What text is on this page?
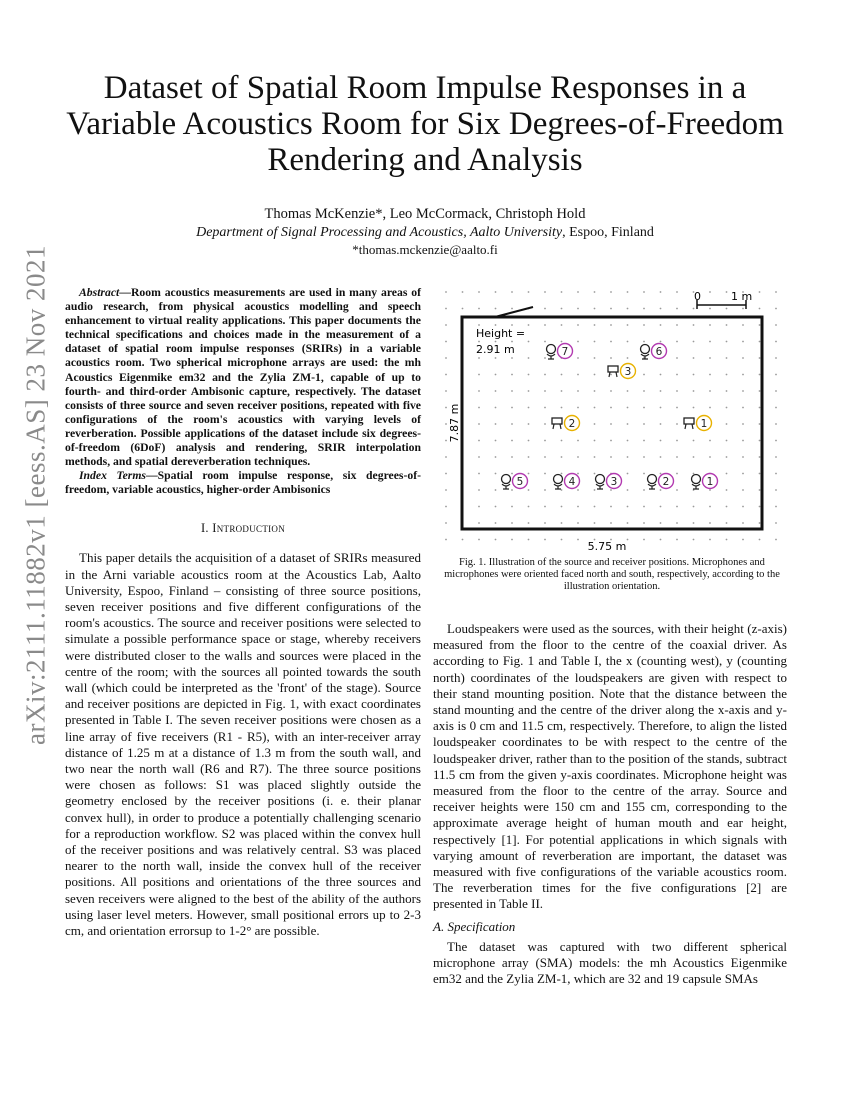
arXiv:2111.11882v1 [eess.AS] 23 Nov 2021
Dataset of Spatial Room Impulse Responses in a Variable Acoustics Room for Six Degrees-of-Freedom Rendering and Analysis
Thomas McKenzie*, Leo McCormack, Christoph Hold
Department of Signal Processing and Acoustics, Aalto University, Espoo, Finland
*thomas.mckenzie@aalto.fi

Abstract—Room acoustics measurements are used in many areas of audio research, from physical acoustics modelling and speech enhancement to virtual reality applications. This paper documents the technical specifications and choices made in the measurement of a dataset of spatial room impulse responses (SRIRs) in a variable acoustics room. Two spherical microphone arrays are used: the mh Acoustics Eigenmike em32 and the Zylia ZM-1, capable of up to fourth- and third-order Ambisonic capture, respectively. The dataset consists of three source and seven receiver positions, repeated with five configurations of the room's acoustics with varying levels of reverberation. Possible applications of the dataset include six degrees-of-freedom (6DoF) analysis and rendering, SRIR interpolation methods, and spatial dereverberation techniques.

Index Terms—Spatial room impulse response, six degrees-of-freedom, variable acoustics, higher-order Ambisonics

I. Introduction

This paper details the acquisition of a dataset of SRIRs measured in the Arni variable acoustics room at the Acoustics Lab, Aalto University, Espoo, Finland – consisting of three source positions, seven receiver positions and five different configurations of the room's acoustics. The source and receiver positions were selected to simulate a possible performance space or stage, whereby receivers were distributed closer to the walls and sources were placed in the centre of the room; with the sources all pointed towards the south wall (which could be interpreted as the 'front' of the stage). Source and receiver positions are depicted in Fig. 1, with exact coordinates presented in Table I. The seven receiver positions were chosen as a line array of five receivers (R1 - R5), with an inter-receiver array distance of 1.25 m at a distance of 1.3 m from the south wall, and two near the north wall (R6 and R7). The three source positions were chosen as follows: S1 was placed slightly outside the geometry enclosed by the receiver positions (i. e. their planar convex hull), in order to produce a potentially challenging scenario for a reproduction workflow. S2 was placed within the convex hull of the receiver positions and was relatively central. S3 was placed nearer to the north wall, inside the convex hull of the receiver positions. All positions and orientations of the three sources and seven receivers were aligned to the best of the ability of the authors using laser level meters. However, small positional errors up to 2-3 cm, and orientation errorsup to 1-2° are possible.

0	1 m
Height =
2.91 m
7.87 m
5.75 m
7	6
5	4	3	2	1
3
2	1
Fig. 1. Illustration of the source and receiver positions. Microphones and microphones were oriented faced north and south, respectively, according to the illustration orientation.

Loudspeakers were used as the sources, with their height (z-axis) measured from the floor to the centre of the coaxial driver. As according to Fig. 1 and Table I, the x (counting west), y (counting north) coordinates of the loudspeakers are given with respect to their stand mounting position. Note that the distance between the stand mounting and the centre of the driver along the x-axis and y-axis is 0 cm and 11.5 cm, respectively. Therefore, to align the listed loudspeaker coordinates to be with respect to the centre of the loudspeaker driver, rather than to the position of the stands, subtract 11.5 cm from the given y-axis coordinates. Microphone height was measured from the floor to the centre of the array. Source and receiver heights were 150 cm and 155 cm, corresponding to the approximate average height of human mouth and ear height, respectively [1]. For potential applications in which signals with varying amount of reverberation are important, the dataset was measured with five configurations of the variable acoustics room. The reverberation times for the five configurations [2] are presented in Table II.

A. Specification

The dataset was captured with two different spherical microphone array (SMA) models: the mh Acoustics Eigenmike em32 and the Zylia ZM-1, which are 32 and 19 capsule SMAs
